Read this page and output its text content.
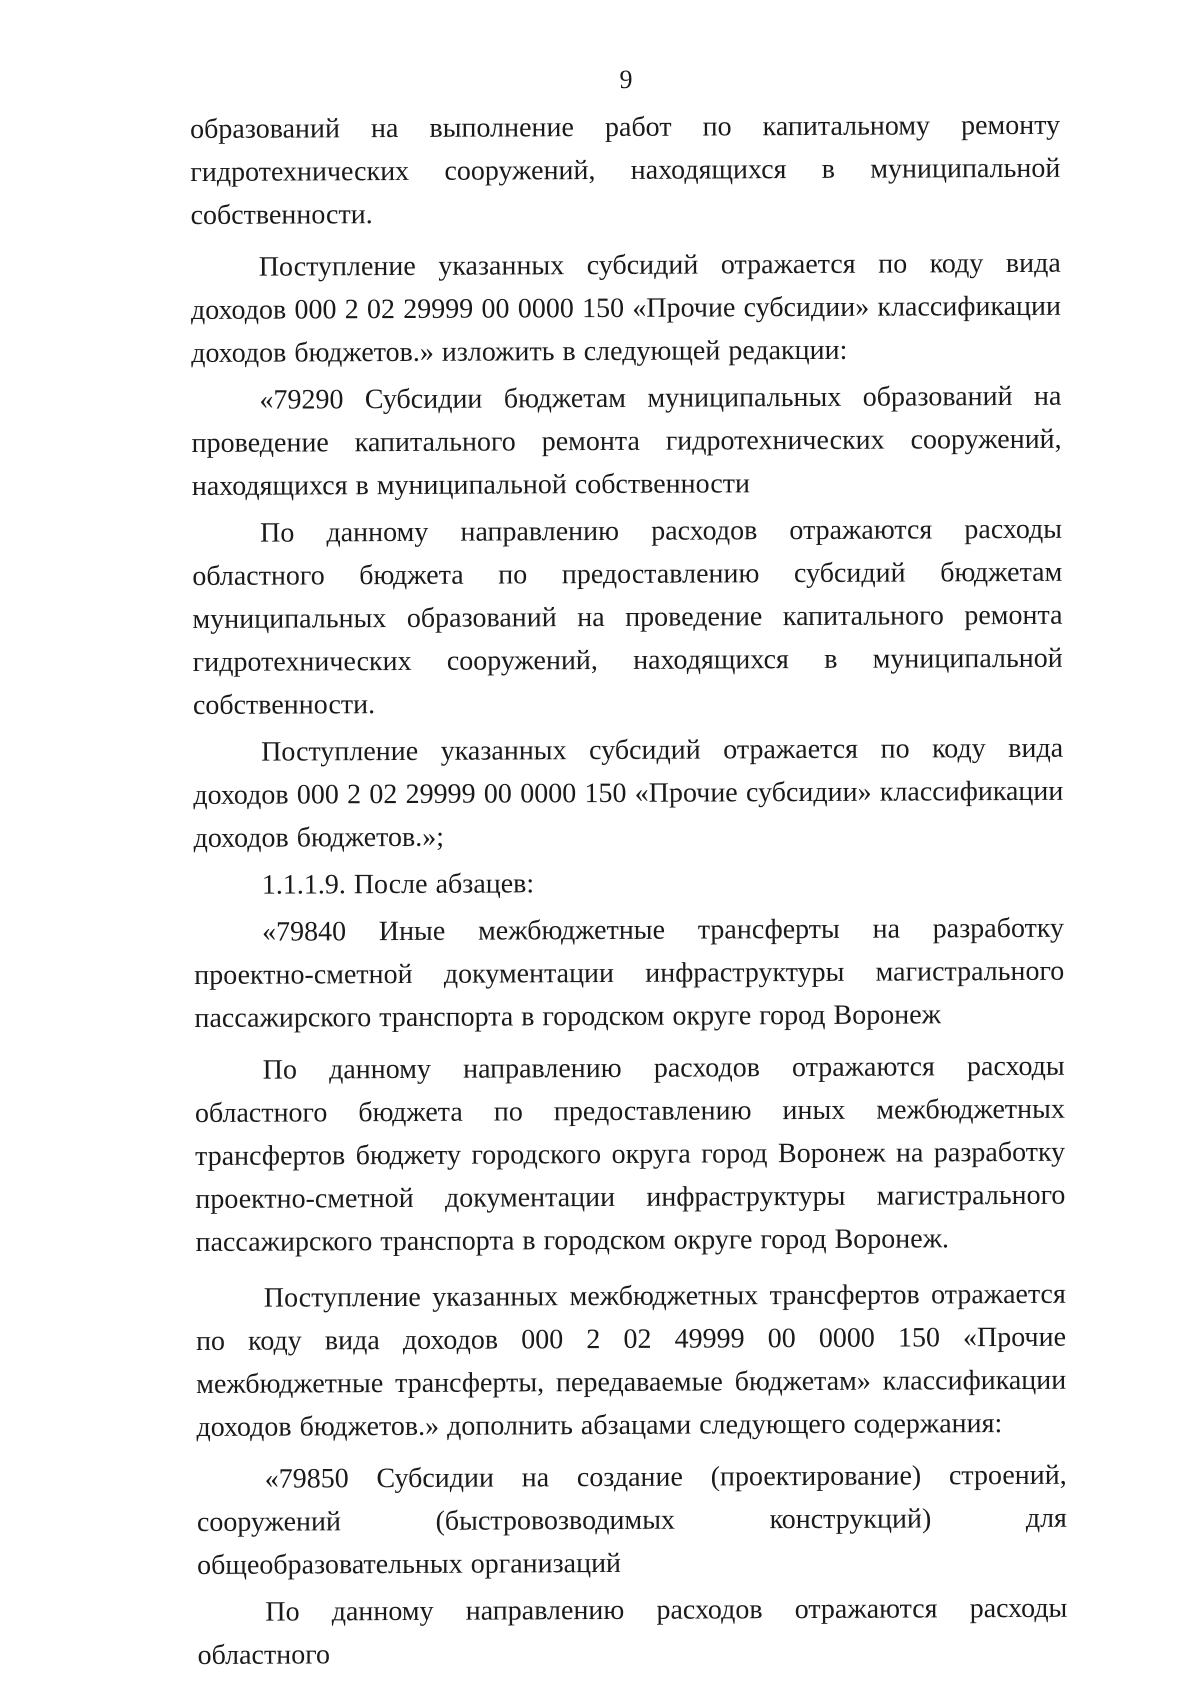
9

образований на выполнение работ по капитальному ремонту гидротехнических сооружений, находящихся в муниципальной собственности.

Поступление указанных субсидий отражается по коду вида доходов 000 2 02 29999 00 0000 150 «Прочие субсидии» классификации доходов бюджетов.» изложить в следующей редакции:

«79290 Субсидии бюджетам муниципальных образований на проведение капитального ремонта гидротехнических сооружений, находящихся в муниципальной собственности

По данному направлению расходов отражаются расходы областного бюджета по предоставлению субсидий бюджетам муниципальных образований на проведение капитального ремонта гидротехнических сооружений, находящихся в муниципальной собственности.

Поступление указанных субсидий отражается по коду вида доходов 000 2 02 29999 00 0000 150 «Прочие субсидии» классификации доходов бюджетов.»;

1.1.1.9. После абзацев:

«79840 Иные межбюджетные трансферты на разработку проектно-сметной документации инфраструктуры магистрального пассажирского транспорта в городском округе город Воронеж

По данному направлению расходов отражаются расходы областного бюджета по предоставлению иных межбюджетных трансфертов бюджету городского округа город Воронеж на разработку проектно-сметной документации инфраструктуры магистрального пассажирского транспорта в городском округе город Воронеж.

Поступление указанных межбюджетных трансфертов отражается по коду вида доходов 000 2 02 49999 00 0000 150 «Прочие межбюджетные трансферты, передаваемые бюджетам» классификации доходов бюджетов.» дополнить абзацами следующего содержания:

«79850 Субсидии на создание (проектирование) строений, сооружений (быстровозводимых конструкций) для общеобразовательных организаций

По данному направлению расходов отражаются расходы областного
